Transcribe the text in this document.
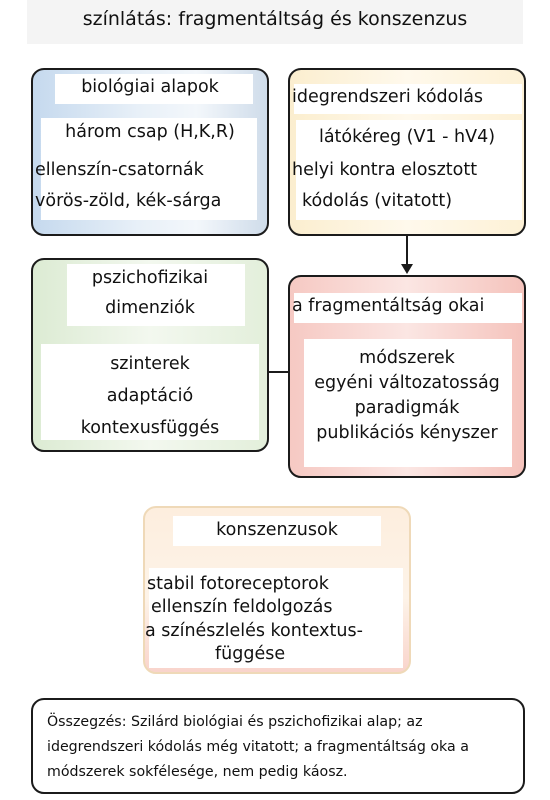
színlátás: fragmentáltság és konszenzus
biológiai alapok
három csap (H,K,R)
ellenszín-csatornák
vörös-zöld, kék-sárga
idegrendszeri kódolás
látókéreg (V1 - hV4)
helyi kontra elosztott
kódolás (vitatott)
pszichofizikai
dimenziók
szinterek
adaptáció
kontexusfüggés
a fragmentáltság okai
módszerek
egyéni változatosság
paradigmák
publikációs kényszer
konszenzusok
stabil fotoreceptorok
ellenszín feldolgozás
a színészlelés kontextus-
függése
Összegzés: Szilárd biológiai és pszichofizikai alap; az idegrendszeri kódolás még vitatott; a fragmentáltság oka a módszerek sokfélesége, nem pedig káosz.
